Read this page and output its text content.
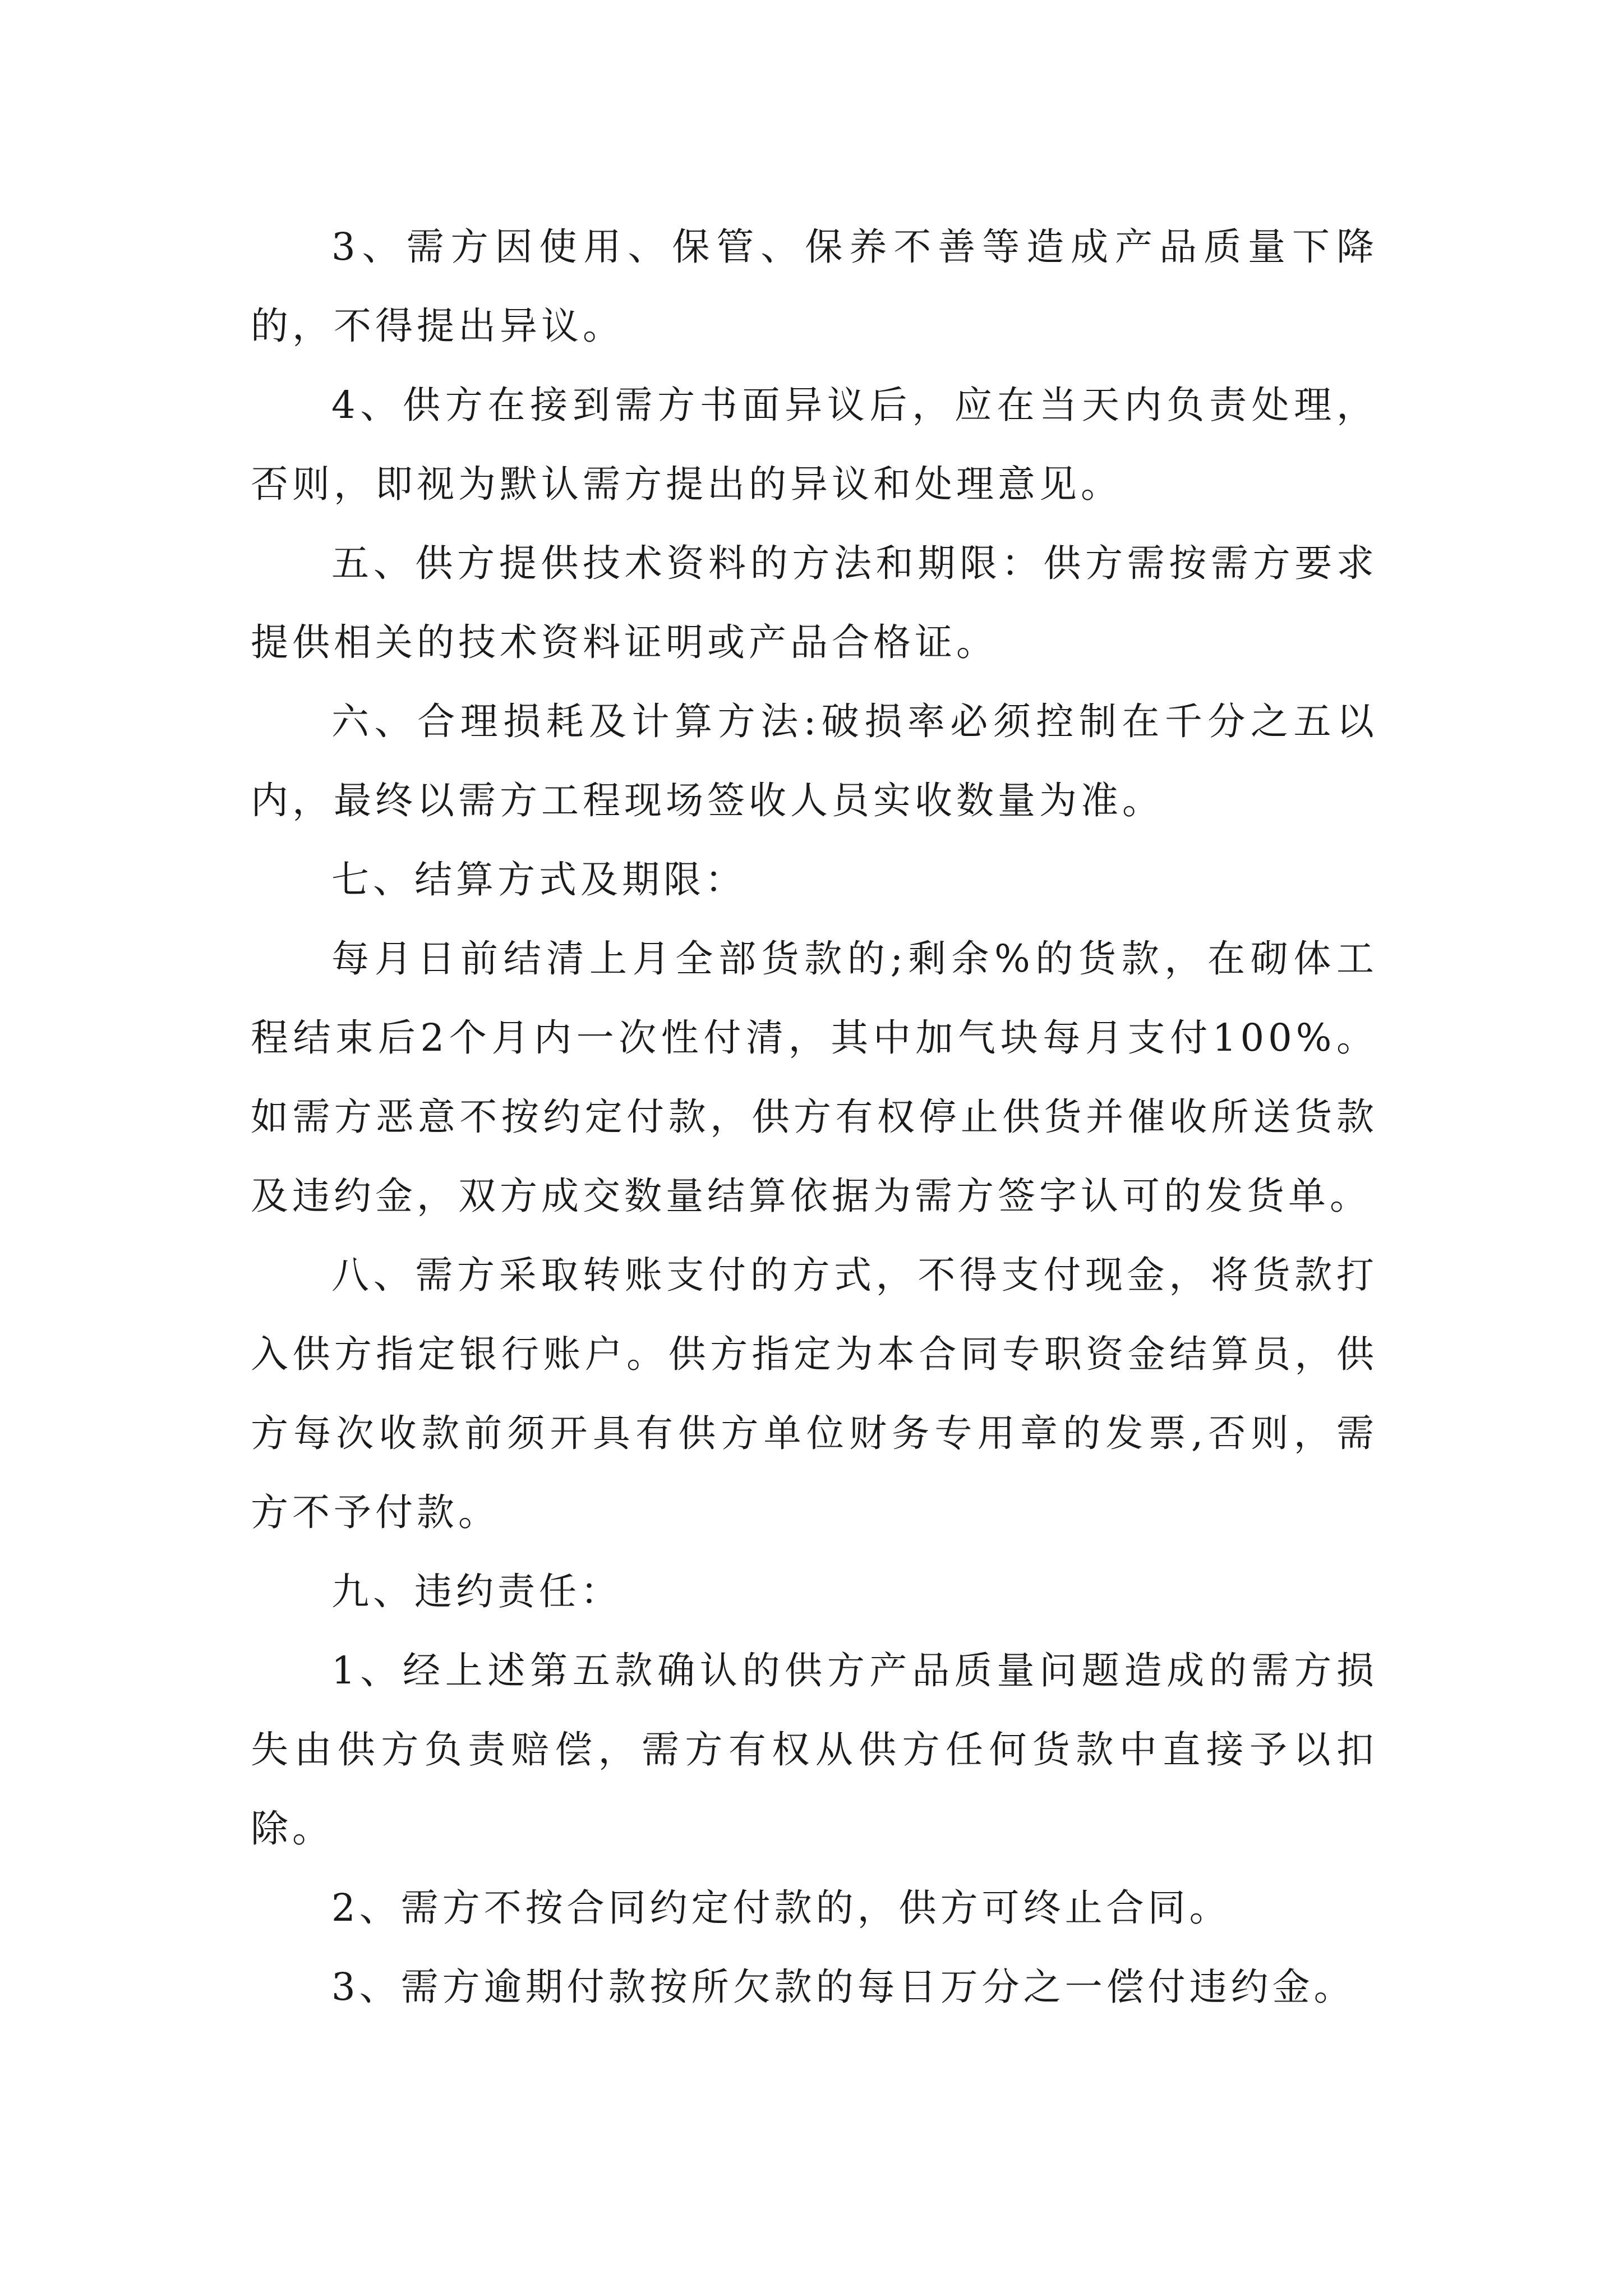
3、需方因使用、保管、保养不善等造成产品质量下降的，不得提出异议。

4、供方在接到需方书面异议后，应在当天内负责处理，否则，即视为默认需方提出的异议和处理意见。

五、供方提供技术资料的方法和期限：供方需按需方要求提供相关的技术资料证明或产品合格证。

六、合理损耗及计算方法:破损率必须控制在千分之五以内，最终以需方工程现场签收人员实收数量为准。

七、结算方式及期限：

每月日前结清上月全部货款的;剩余%的货款，在砌体工程结束后2个月内一次性付清，其中加气块每月支付100%。如需方恶意不按约定付款，供方有权停止供货并催收所送货款及违约金，双方成交数量结算依据为需方签字认可的发货单。

八、需方采取转账支付的方式，不得支付现金，将货款打入供方指定银行账户。供方指定为本合同专职资金结算员，供方每次收款前须开具有供方单位财务专用章的发票,否则，需方不予付款。

九、违约责任：

1、经上述第五款确认的供方产品质量问题造成的需方损失由供方负责赔偿，需方有权从供方任何货款中直接予以扣除。

2、需方不按合同约定付款的，供方可终止合同。

3、需方逾期付款按所欠款的每日万分之一偿付违约金。
